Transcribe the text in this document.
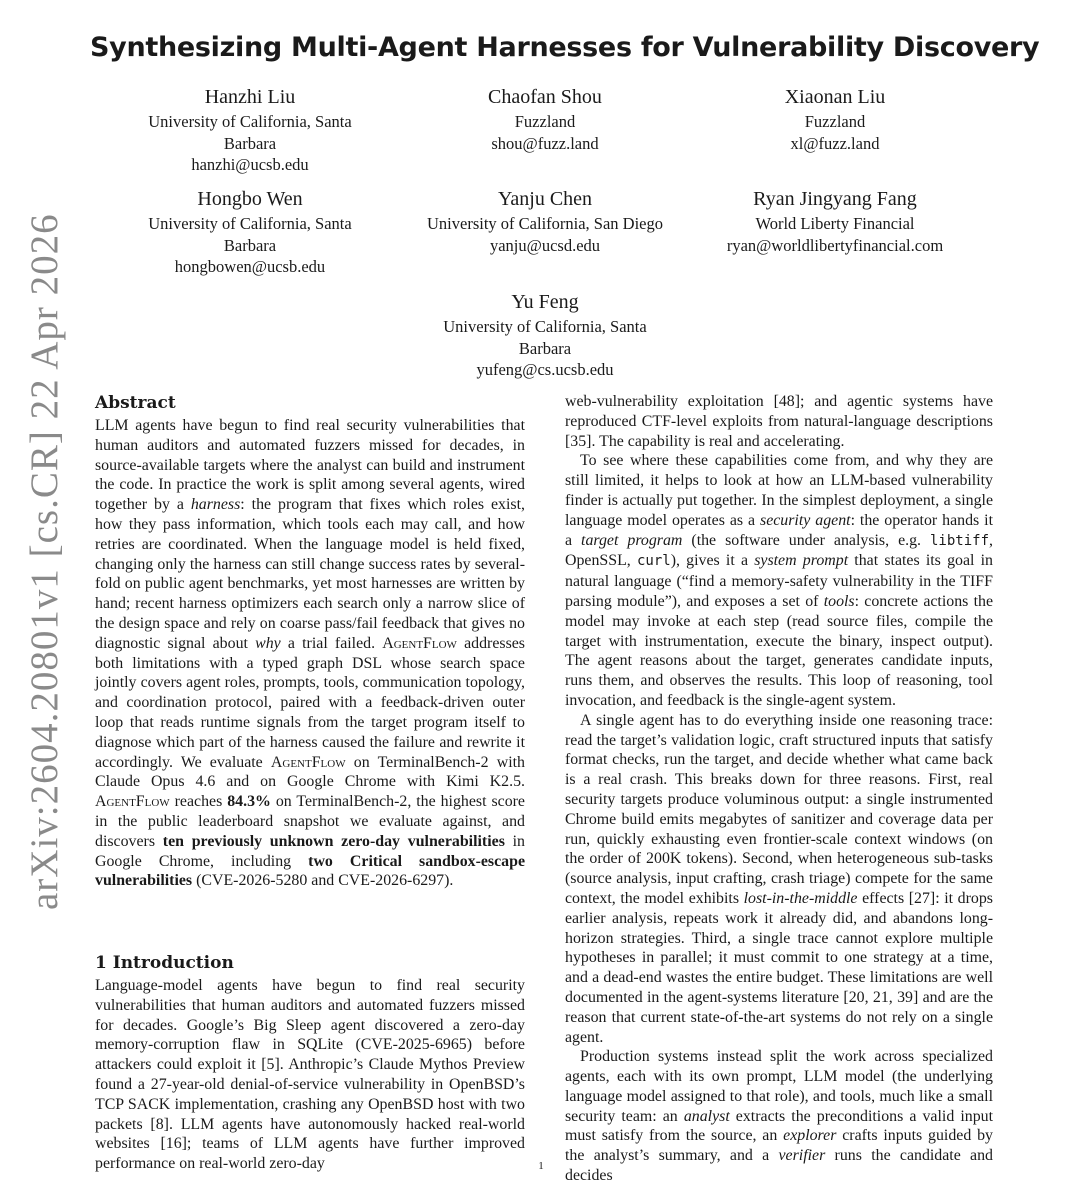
arXiv:2604.20801v1 [cs.CR] 22 Apr 2026
Synthesizing Multi-Agent Harnesses for Vulnerability Discovery
Hanzhi Liu
University of California, Santa
Barbara
hanzhi@ucsb.edu
Chaofan Shou
Fuzzland
shou@fuzz.land
Xiaonan Liu
Fuzzland
xl@fuzz.land
Hongbo Wen
University of California, Santa
Barbara
hongbowen@ucsb.edu
Yanju Chen
University of California, San Diego
yanju@ucsd.edu
Ryan Jingyang Fang
World Liberty Financial
ryan@worldlibertyfinancial.com
Yu Feng
University of California, Santa
Barbara
yufeng@cs.ucsb.edu
Abstract

LLM agents have begun to find real security vulnerabilities that human auditors and automated fuzzers missed for decades, in source-available targets where the analyst can build and instrument the code. In practice the work is split among several agents, wired together by a harness: the program that fixes which roles exist, how they pass information, which tools each may call, and how retries are coordinated. When the language model is held fixed, changing only the harness can still change success rates by several-fold on public agent benchmarks, yet most harnesses are written by hand; recent harness optimizers each search only a narrow slice of the design space and rely on coarse pass/fail feedback that gives no diagnostic signal about why a trial failed. AgentFlow addresses both limitations with a typed graph DSL whose search space jointly covers agent roles, prompts, tools, communication topology, and coordination protocol, paired with a feedback-driven outer loop that reads runtime signals from the target program itself to diagnose which part of the harness caused the failure and rewrite it accordingly. We evaluate AgentFlow on TerminalBench-2 with Claude Opus 4.6 and on Google Chrome with Kimi K2.5. AgentFlow reaches 84.3% on TerminalBench-2, the highest score in the public leaderboard snapshot we evaluate against, and discovers ten previously unknown zero-day vulnerabilities in Google Chrome, including two Critical sandbox-escape vulnerabilities (CVE-2026-5280 and CVE-2026-6297).

1 Introduction

Language-model agents have begun to find real security vulnerabilities that human auditors and automated fuzzers missed for decades. Google’s Big Sleep agent discovered a zero-day memory-corruption flaw in SQLite (CVE-2025-6965) before attackers could exploit it [5]. Anthropic’s Claude Mythos Preview found a 27-year-old denial-of-service vulnerability in OpenBSD’s TCP SACK implementation, crashing any OpenBSD host with two packets [8]. LLM agents have autonomously hacked real-world websites [16]; teams of LLM agents have further improved performance on real-world zero-day

web-vulnerability exploitation [48]; and agentic systems have reproduced CTF-level exploits from natural-language descriptions [35]. The capability is real and accelerating.

To see where these capabilities come from, and why they are still limited, it helps to look at how an LLM-based vulnerability finder is actually put together. In the simplest deployment, a single language model operates as a security agent: the operator hands it a target program (the software under analysis, e.g. libtiff, OpenSSL, curl), gives it a system prompt that states its goal in natural language (“find a memory-safety vulnerability in the TIFF parsing module”), and exposes a set of tools: concrete actions the model may invoke at each step (read source files, compile the target with instrumentation, execute the binary, inspect output). The agent reasons about the target, generates candidate inputs, runs them, and observes the results. This loop of reasoning, tool invocation, and feedback is the single-agent system.

A single agent has to do everything inside one reasoning trace: read the target’s validation logic, craft structured inputs that satisfy format checks, run the target, and decide whether what came back is a real crash. This breaks down for three reasons. First, real security targets produce voluminous output: a single instrumented Chrome build emits megabytes of sanitizer and coverage data per run, quickly exhausting even frontier-scale context windows (on the order of 200K tokens). Second, when heterogeneous sub-tasks (source analysis, input crafting, crash triage) compete for the same context, the model exhibits lost-in-the-middle effects [27]: it drops earlier analysis, repeats work it already did, and abandons long-horizon strategies. Third, a single trace cannot explore multiple hypotheses in parallel; it must commit to one strategy at a time, and a dead-end wastes the entire budget. These limitations are well documented in the agent-systems literature [20, 21, 39] and are the reason that current state-of-the-art systems do not rely on a single agent.

Production systems instead split the work across specialized agents, each with its own prompt, LLM model (the underlying language model assigned to that role), and tools, much like a small security team: an analyst extracts the preconditions a valid input must satisfy from the source, an explorer crafts inputs guided by the analyst’s summary, and a verifier runs the candidate and decides

1
